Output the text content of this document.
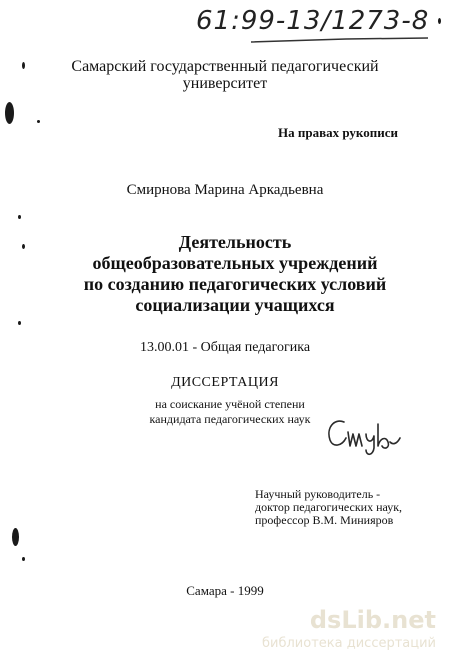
61:99-13/1273-8
Самарский государственный педагогический
университет
На правах рукописи
Смирнова Марина Аркадьевна
Деятельность
общеобразовательных учреждений
по созданию педагогических условий
социализации учащихся
13.00.01 - Общая педагогика
ДИССЕРТАЦИЯ
на соискание учёной степени
кандидата педагогических наук
Научный руководитель -
доктор педагогических наук,
профессор В.М. Минияров
Самара - 1999
dsLib.net
библиотека диссертаций
